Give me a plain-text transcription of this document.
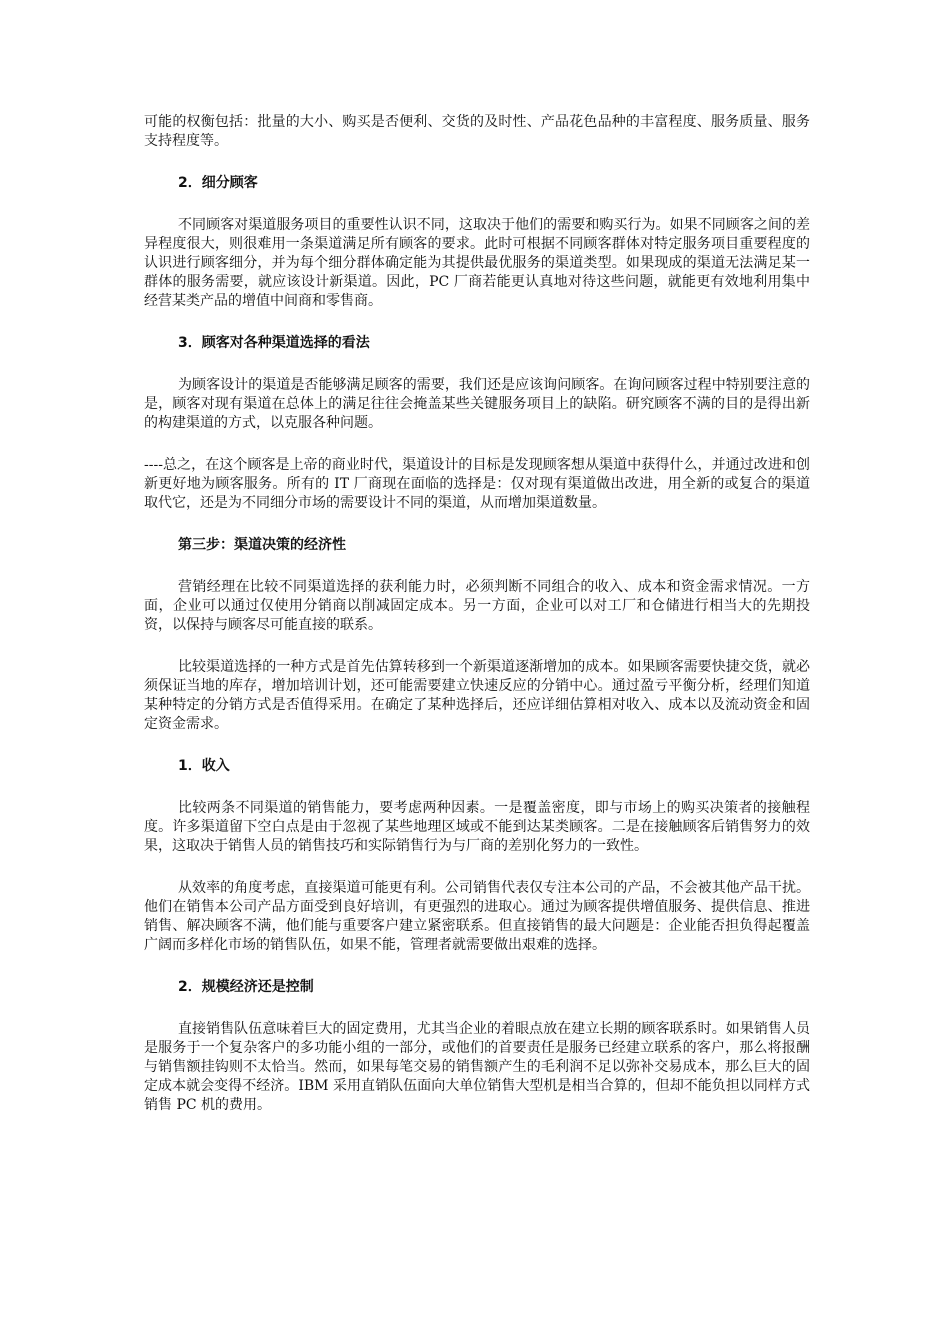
可能的权衡包括：批量的大小、购买是否便利、交货的及时性、产品花色品种的丰富程度、服务质量、服务支持程度等。

2．细分顾客

不同顾客对渠道服务项目的重要性认识不同，这取决于他们的需要和购买行为。如果不同顾客之间的差异程度很大，则很难用一条渠道满足所有顾客的要求。此时可根据不同顾客群体对特定服务项目重要程度的认识进行顾客细分，并为每个细分群体确定能为其提供最优服务的渠道类型。如果现成的渠道无法满足某一群体的服务需要，就应该设计新渠道。因此，PC 厂商若能更认真地对待这些问题，就能更有效地利用集中经营某类产品的增值中间商和零售商。

3．顾客对各种渠道选择的看法

为顾客设计的渠道是否能够满足顾客的需要，我们还是应该询问顾客。在询问顾客过程中特别要注意的是，顾客对现有渠道在总体上的满足往往会掩盖某些关键服务项目上的缺陷。研究顾客不满的目的是得出新的构建渠道的方式，以克服各种问题。

----总之，在这个顾客是上帝的商业时代，渠道设计的目标是发现顾客想从渠道中获得什么，并通过改进和创新更好地为顾客服务。所有的 IT 厂商现在面临的选择是：仅对现有渠道做出改进，用全新的或复合的渠道取代它，还是为不同细分市场的需要设计不同的渠道，从而增加渠道数量。

第三步：渠道决策的经济性

营销经理在比较不同渠道选择的获利能力时，必须判断不同组合的收入、成本和资金需求情况。一方面，企业可以通过仅使用分销商以削减固定成本。另一方面，企业可以对工厂和仓储进行相当大的先期投资，以保持与顾客尽可能直接的联系。

比较渠道选择的一种方式是首先估算转移到一个新渠道逐渐增加的成本。如果顾客需要快捷交货，就必须保证当地的库存，增加培训计划，还可能需要建立快速反应的分销中心。通过盈亏平衡分析，经理们知道某种特定的分销方式是否值得采用。在确定了某种选择后，还应详细估算相对收入、成本以及流动资金和固定资金需求。

1．收入

比较两条不同渠道的销售能力，要考虑两种因素。一是覆盖密度，即与市场上的购买决策者的接触程度。许多渠道留下空白点是由于忽视了某些地理区域或不能到达某类顾客。二是在接触顾客后销售努力的效果，这取决于销售人员的销售技巧和实际销售行为与厂商的差别化努力的一致性。

从效率的角度考虑，直接渠道可能更有利。公司销售代表仅专注本公司的产品，不会被其他产品干扰。他们在销售本公司产品方面受到良好培训，有更强烈的进取心。通过为顾客提供增值服务、提供信息、推进销售、解决顾客不满，他们能与重要客户建立紧密联系。但直接销售的最大问题是：企业能否担负得起覆盖广阔而多样化市场的销售队伍，如果不能，管理者就需要做出艰难的选择。

2．规模经济还是控制

直接销售队伍意味着巨大的固定费用，尤其当企业的着眼点放在建立长期的顾客联系时。如果销售人员是服务于一个复杂客户的多功能小组的一部分，或他们的首要责任是服务已经建立联系的客户，那么将报酬与销售额挂钩则不太恰当。然而，如果每笔交易的销售额产生的毛利润不足以弥补交易成本，那么巨大的固定成本就会变得不经济。IBM 采用直销队伍面向大单位销售大型机是相当合算的，但却不能负担以同样方式销售 PC 机的费用。
